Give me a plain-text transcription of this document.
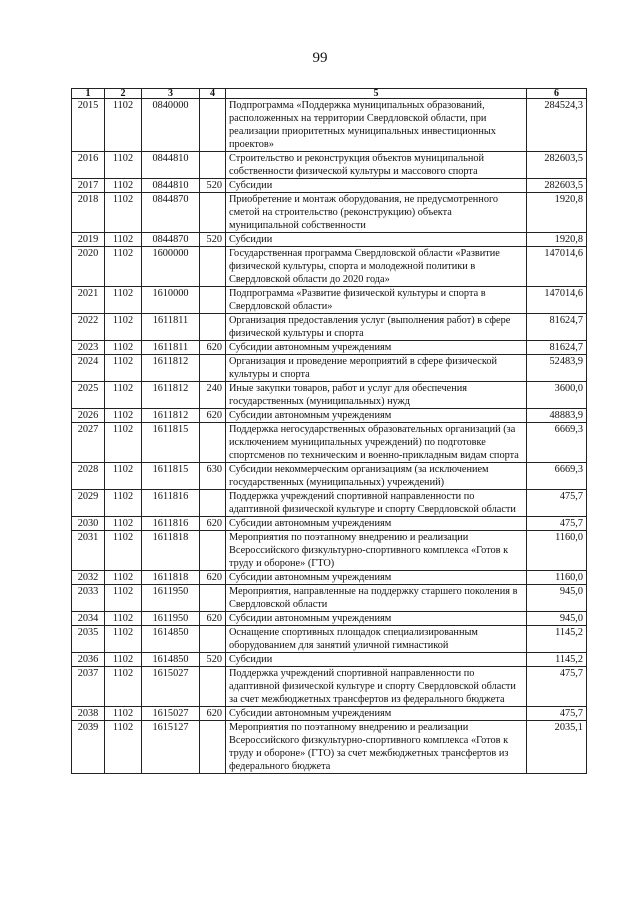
99
1	2	3	4	5	6
2015	1102	0840000		Подпрограмма «Поддержка муниципальных образований, расположенных на территории Свердловской области, при реализации приоритетных муниципальных инвестиционных проектов»	284524,3
2016	1102	0844810		Строительство и реконструкция объектов муниципальной собственности физической культуры и массового спорта	282603,5
2017	1102	0844810	520	Субсидии	282603,5
2018	1102	0844870		Приобретение и монтаж оборудования, не предусмотренного сметой на строительство (реконструкцию) объекта муниципальной собственности	1920,8
2019	1102	0844870	520	Субсидии	1920,8
2020	1102	1600000		Государственная программа Свердловской области «Развитие физической культуры, спорта и молодежной политики в Свердловской области до 2020 года»	147014,6
2021	1102	1610000		Подпрограмма «Развитие физической культуры и спорта в Свердловской области»	147014,6
2022	1102	1611811		Организация предоставления услуг (выполнения работ) в сфере физической культуры и спорта	81624,7
2023	1102	1611811	620	Субсидии автономным учреждениям	81624,7
2024	1102	1611812		Организация и проведение мероприятий в сфере физической культуры и спорта	52483,9
2025	1102	1611812	240	Иные закупки товаров, работ и услуг для обеспечения государственных (муниципальных) нужд	3600,0
2026	1102	1611812	620	Субсидии автономным учреждениям	48883,9
2027	1102	1611815		Поддержка негосударственных образовательных организаций (за исключением муниципальных учреждений) по подготовке спортсменов по техническим и военно-прикладным видам спорта	6669,3
2028	1102	1611815	630	Субсидии некоммерческим организациям (за исключением государственных (муниципальных) учреждений)	6669,3
2029	1102	1611816		Поддержка учреждений спортивной направленности по адаптивной физической культуре и спорту Свердловской области	475,7
2030	1102	1611816	620	Субсидии автономным учреждениям	475,7
2031	1102	1611818		Мероприятия по поэтапному внедрению и реализации Всероссийского физкультурно-спортивного комплекса «Готов к труду и обороне» (ГТО)	1160,0
2032	1102	1611818	620	Субсидии автономным учреждениям	1160,0
2033	1102	1611950		Мероприятия, направленные на поддержку старшего поколения в Свердловской области	945,0
2034	1102	1611950	620	Субсидии автономным учреждениям	945,0
2035	1102	1614850		Оснащение спортивных площадок специализированным оборудованием для занятий уличной гимнастикой	1145,2
2036	1102	1614850	520	Субсидии	1145,2
2037	1102	1615027		Поддержка учреждений спортивной направленности по адаптивной физической культуре и спорту Свердловской области за счет межбюджетных трансфертов из федерального бюджета	475,7
2038	1102	1615027	620	Субсидии автономным учреждениям	475,7
2039	1102	1615127		Мероприятия по поэтапному внедрению и реализации Всероссийского физкультурно-спортивного комплекса «Готов к труду и обороне» (ГТО) за счет межбюджетных трансфертов из федерального бюджета	2035,1
